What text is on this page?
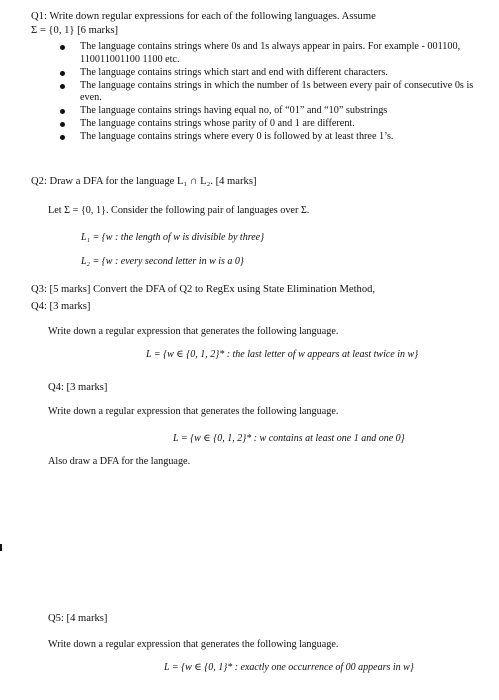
Q1: Write down regular expressions for each of the following languages. Assume
Σ = {0, 1} [6 marks]
The language contains strings where 0s and 1s always appear in pairs. For example - 001100, 110011001100 1100 etc.
The language contains strings which start and end with different characters.
The language contains strings in which the number of 1s between every pair of consecutive 0s is even.
The language contains strings having equal no, of “01” and “10” substrings
The language contains strings whose parity of 0 and 1 are different.
The language contains strings where every 0 is followed by at least three 1’s.
Q2: Draw a DFA for the language L₁ ∩ L₂. [4 marks]
Let Σ = {0, 1}. Consider the following pair of languages over Σ.
L₁ = {w : the length of w is divisible by three}
L₂ = {w : every second letter in w is a 0}
Q3: [5 marks] Convert the DFA of Q2 to RegEx using State Elimination Method,
Q4: [3 marks]
Write down a regular expression that generates the following language.
L = {w ∈ {0, 1, 2}* : the last letter of w appears at least twice in w}
Q4: [3 marks]
Write down a regular expression that generates the following language.
L = {w ∈ {0, 1, 2}* : w contains at least one 1 and one 0}
Also draw a DFA for the language.
Q5: [4 marks]
Write down a regular expression that generates the following language.
L = {w ∈ {0, 1}* : exactly one occurrence of 00 appears in w}
